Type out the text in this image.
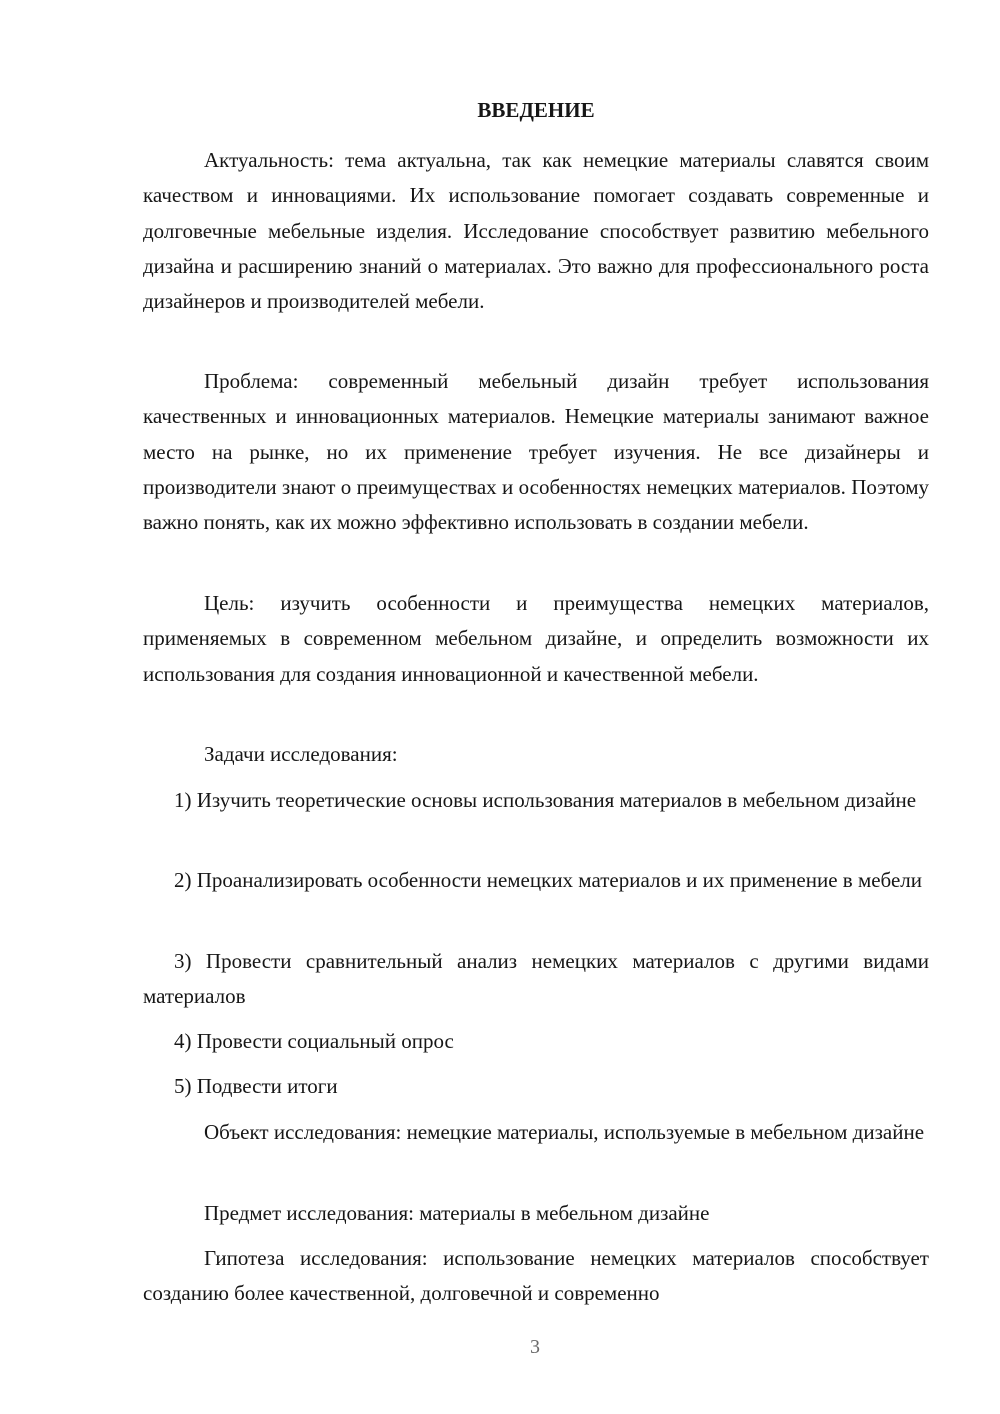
ВВЕДЕНИЕ

Актуальность: тема актуальна, так как немецкие материалы славятся своим качеством и инновациями. Их использование помогает создавать современные и долговечные мебельные изделия. Исследование способствует развитию мебельного дизайна и расширению знаний о материалах. Это важно для профессионального роста дизайнеров и производителей мебели.

Проблема: современный мебельный дизайн требует использования качественных и инновационных материалов. Немецкие материалы занимают важное место на рынке, но их применение требует изучения. Не все дизайнеры и производители знают о преимуществах и особенностях немецких материалов. Поэтому важно понять, как их можно эффективно использовать в создании мебели.

Цель: изучить особенности и преимущества немецких материалов, применяемых в современном мебельном дизайне, и определить возможности их использования для создания инновационной и качественной мебели.

Задачи исследования:

1) Изучить теоретические основы использования материалов в мебельном дизайне

2) Проанализировать особенности немецких материалов и их применение в мебели

3) Провести сравнительный анализ немецких материалов с другими видами материалов

4) Провести социальный опрос

5) Подвести итоги

Объект исследования: немецкие материалы, используемые в мебельном дизайне

Предмет исследования: материалы в мебельном дизайне

Гипотеза исследования: использование немецких материалов способствует созданию более качественной, долговечной и современно

3
